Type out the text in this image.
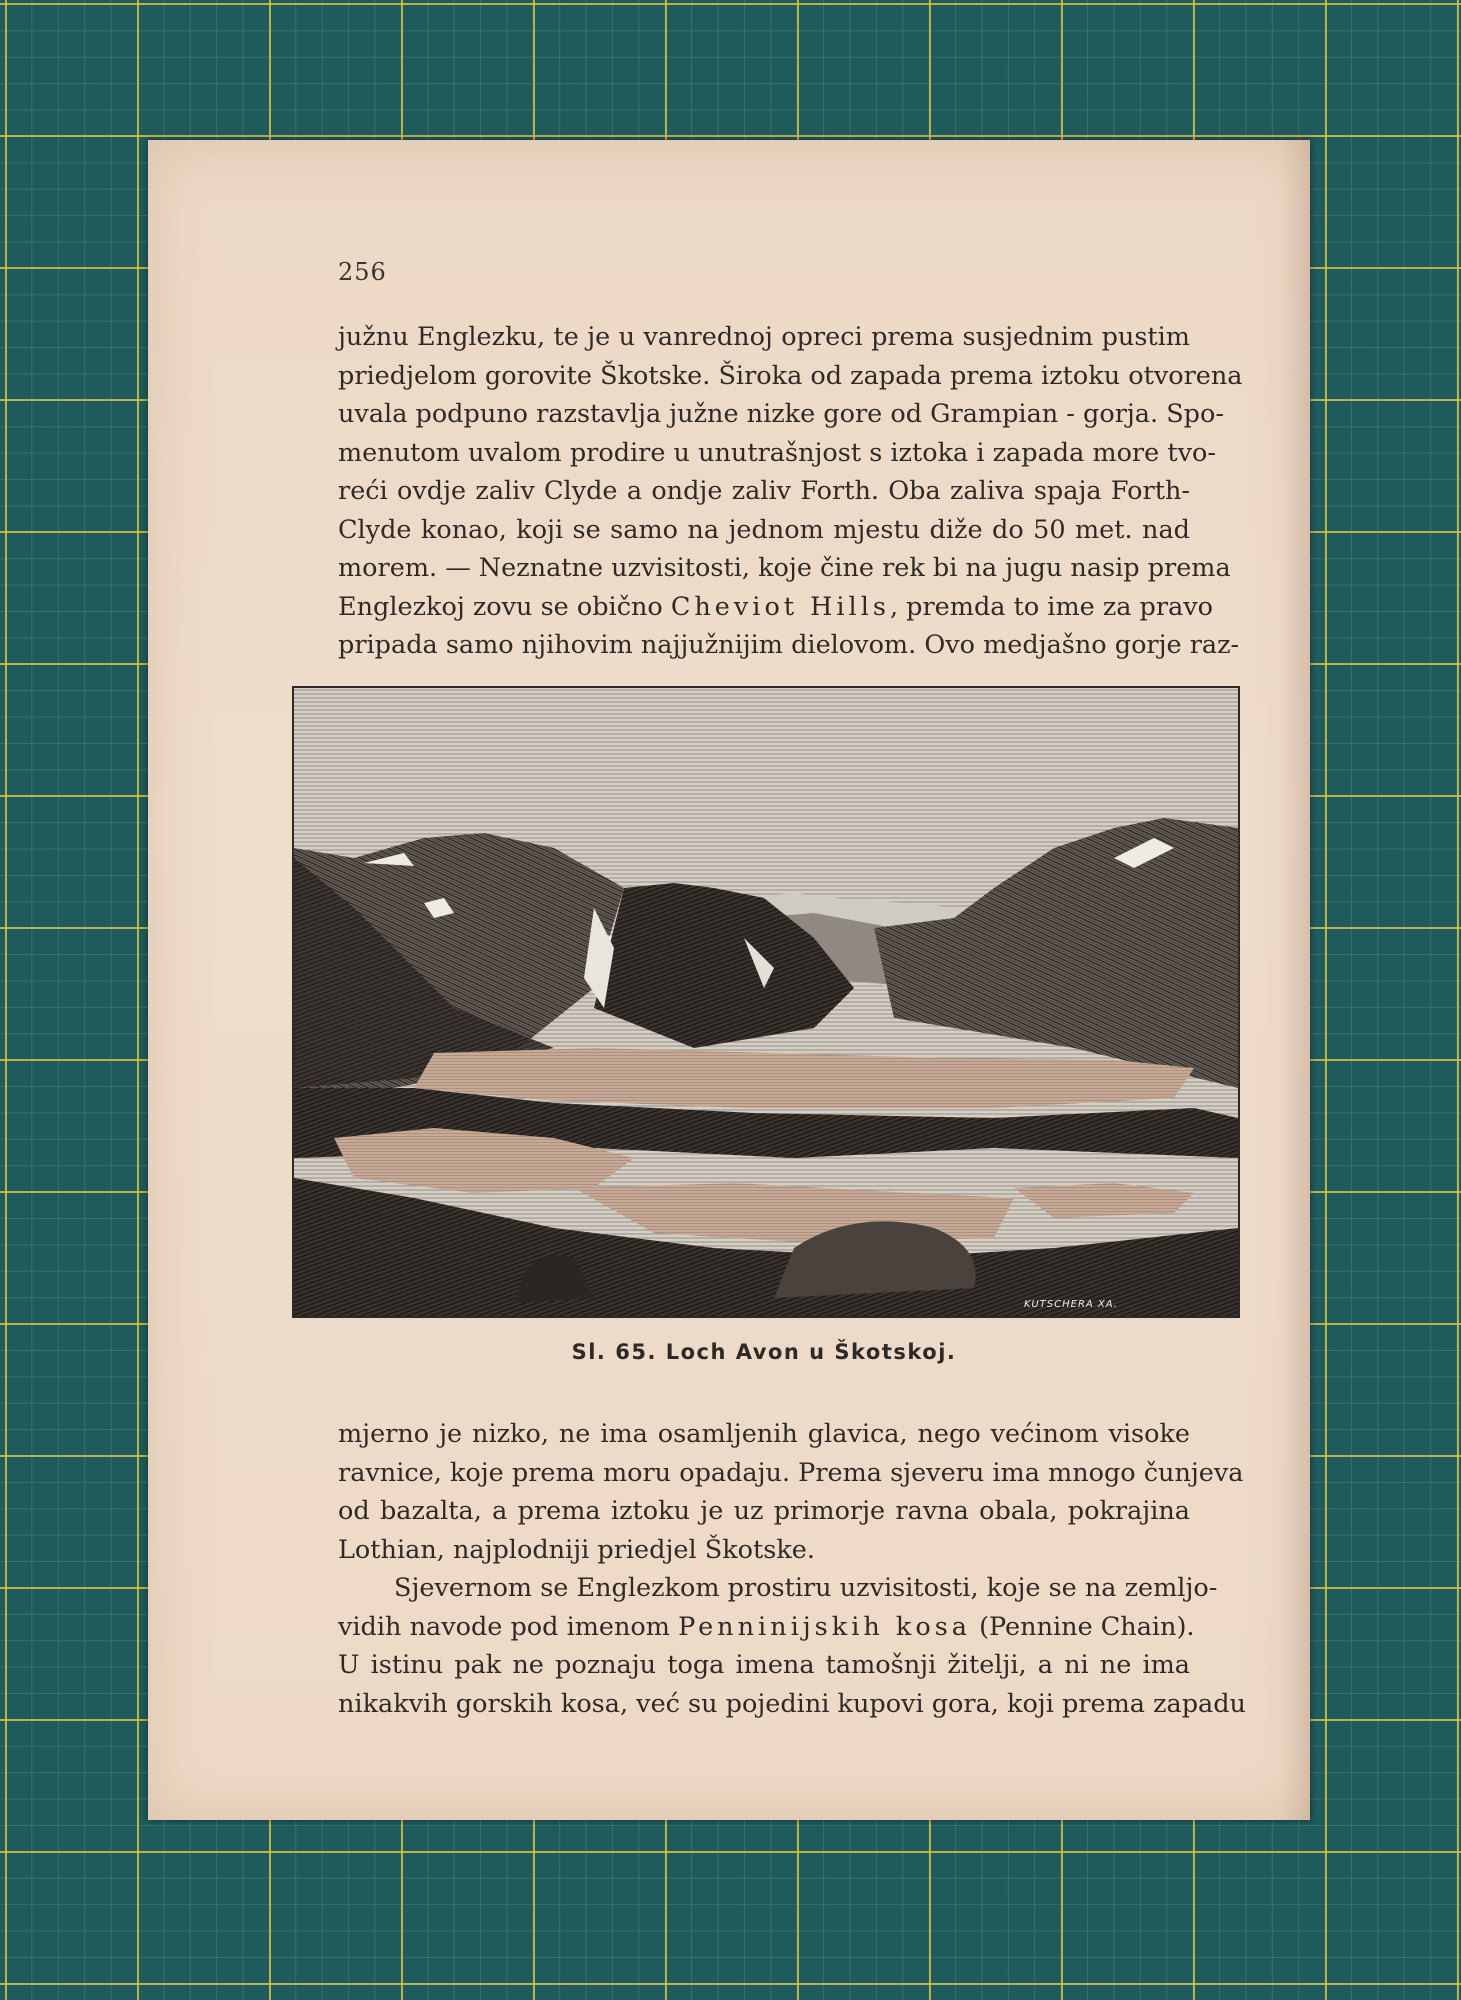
256
južnu Englezku, te je u vanrednoj opreci prema susjednim pustim
priedjelom gorovite Škotske. Široka od zapada prema iztoku otvorena
uvala podpuno razstavlja južne nizke gore od Grampian - gorja. Spo-
menutom uvalom prodire u unutrašnjost s iztoka i zapada more tvo-
reći ovdje zaliv Clyde a ondje zaliv Forth. Oba zaliva spaja Forth-
Clyde konao, koji se samo na jednom mjestu diže do 50 met. nad
morem. — Neznatne uzvisitosti, koje čine rek bi na jugu nasip prema
Englezkoj zovu se obično Cheviot Hills, premda to ime za pravo
pripada samo njihovim najjužnijim dielovom. Ovo medjašno gorje raz-
KUTSCHERA XA.
Sl. 65. Loch Avon u Škotskoj.
mjerno je nizko, ne ima osamljenih glavica, nego većinom visoke
ravnice, koje prema moru opadaju. Prema sjeveru ima mnogo čunjeva
od bazalta, a prema iztoku je uz primorje ravna obala, pokrajina
Lothian, najplodniji priedjel Škotske.
Sjevernom se Englezkom prostiru uzvisitosti, koje se na zemljo-
vidih navode pod imenom Penninijskih kosa (Pennine Chain).
U istinu pak ne poznaju toga imena tamošnji žitelji, a ni ne ima
nikakvih gorskih kosa, već su pojedini kupovi gora, koji prema zapadu
